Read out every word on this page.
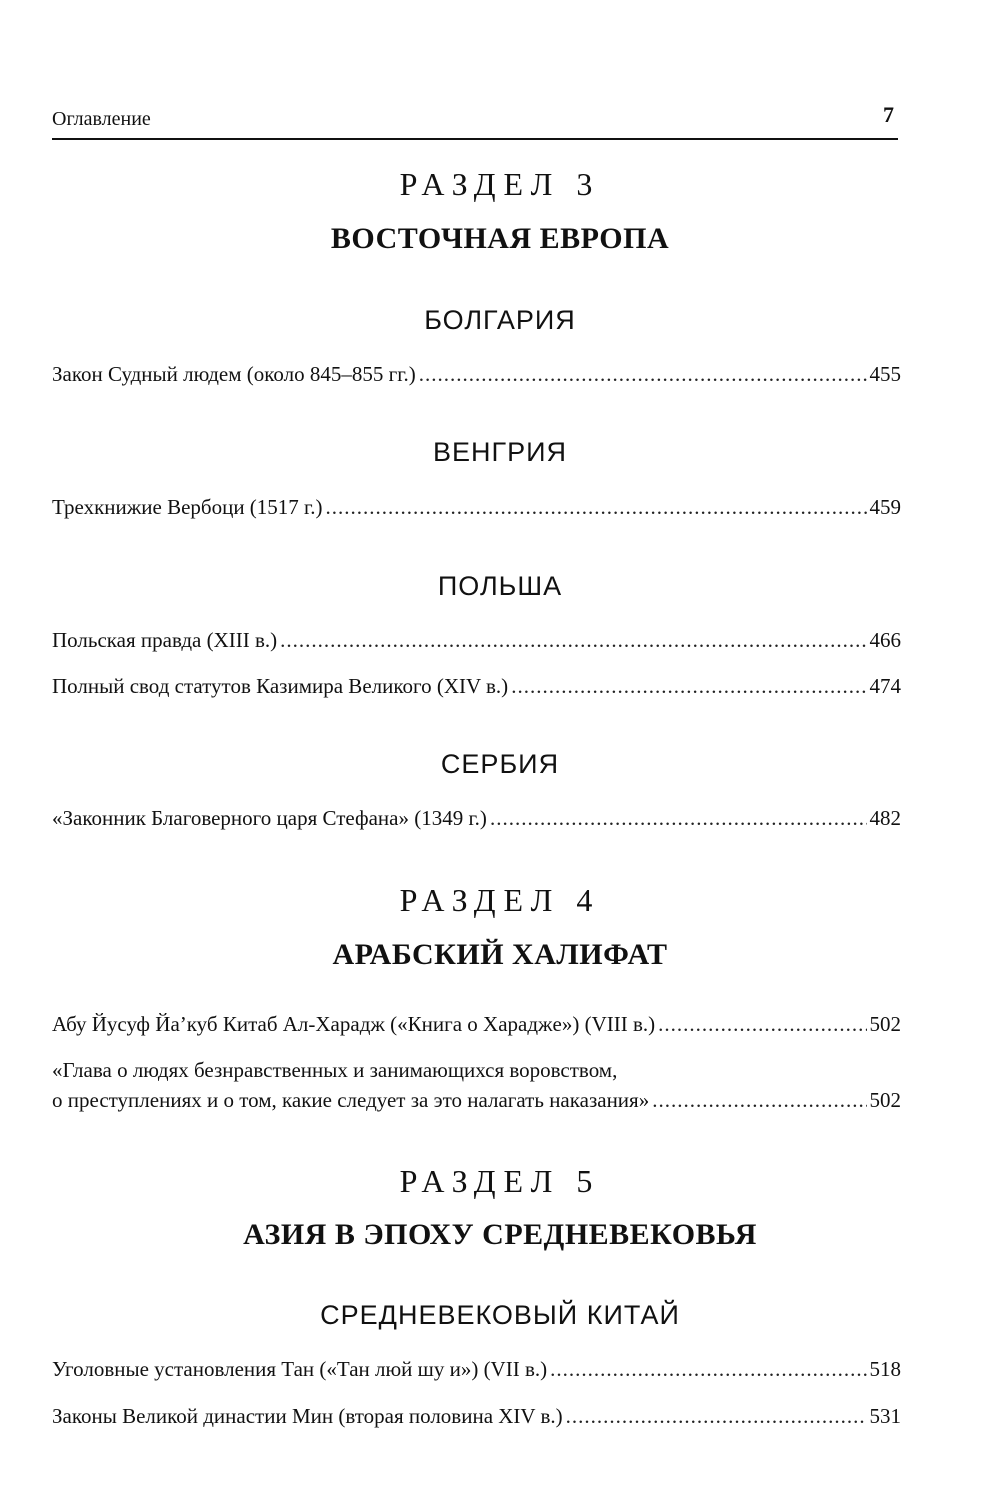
Оглавление	7
РАЗДЕЛ 3
ВОСТОЧНАЯ ЕВРОПА
БОЛГАРИЯ
Закон Судный людем (около 845–855 гг.) .....	455
ВЕНГРИЯ
Трехкнижие Вербоци (1517 г.) .....	459
ПОЛЬША
Польская правда (XIII в.) .....	466
Полный свод статутов Казимира Великого (XIV в.) .....	474
СЕРБИЯ
«Законник Благоверного царя Стефана» (1349 г.) .....	482
РАЗДЕЛ 4
АРАБСКИЙ ХАЛИФАТ
Абу Йусуф Йа’куб Китаб Ал-Харадж («Книга о Хараджe») (VIII в.) .....	502
«Глава о людях безнравственных и занимающихся воровством,
о преступлениях и о том, какие следует за это налагать наказания» .....	502
РАЗДЕЛ 5
АЗИЯ В ЭПОХУ СРЕДНЕВЕКОВЬЯ
СРЕДНЕВЕКОВЫЙ КИТАЙ
Уголовные установления Тан («Тан люй шу и») (VII в.) .....	518
Законы Великой династии Мин (вторая половина XIV в.) .....	531
